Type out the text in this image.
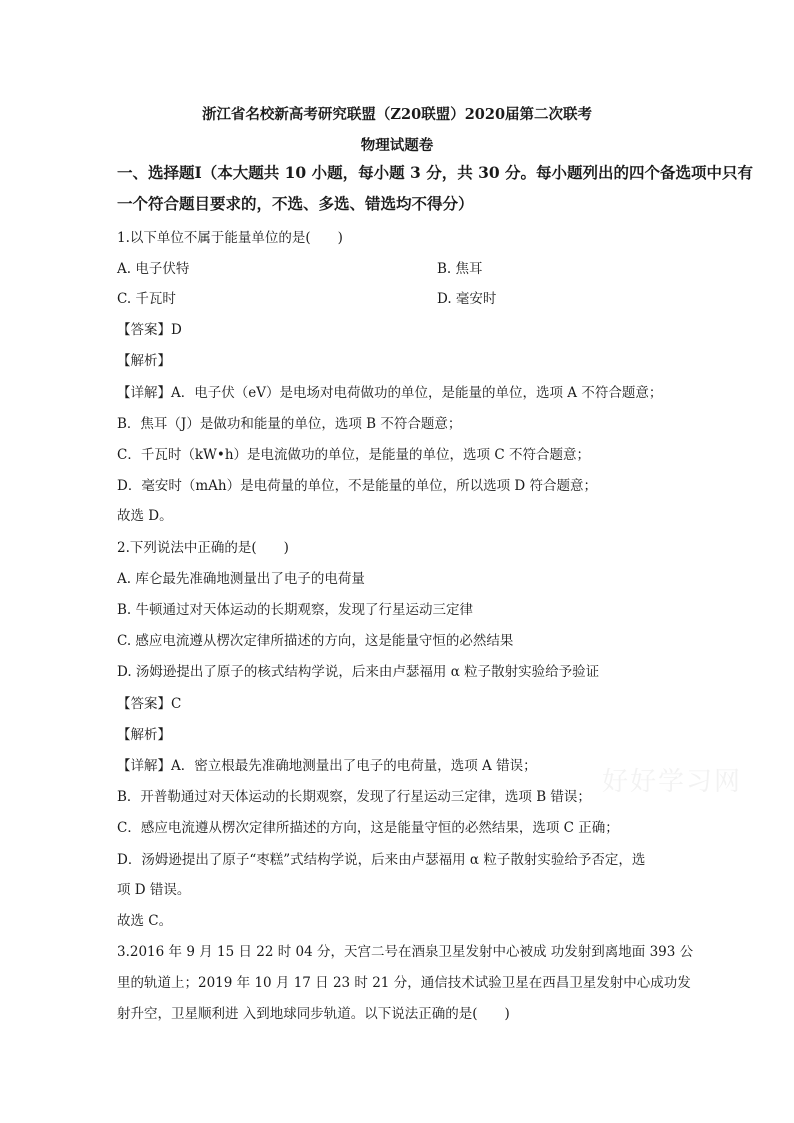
浙江省名校新高考研究联盟（Z20联盟）2020届第二次联考
物理试题卷
一、选择题Ⅰ（本大题共 10 小题，每小题 3 分，共 30 分。每小题列出的四个备选项中只有
一个符合题目要求的，不选、多选、错选均不得分）
1.以下单位不属于能量单位的是(　　)
A. 电子伏特	B. 焦耳
C. 千瓦时	D. 毫安时
【答案】D
【解析】
【详解】A．电子伏（eV）是电场对电荷做功的单位，是能量的单位，选项 A 不符合题意；
B．焦耳（J）是做功和能量的单位，选项 B 不符合题意；
C．千瓦时（kW•h）是电流做功的单位，是能量的单位，选项 C 不符合题意；
D．毫安时（mAh）是电荷量的单位，不是能量的单位，所以选项 D 符合题意；
故选 D。
2.下列说法中正确的是(　　)
A. 库仑最先准确地测量出了电子的电荷量
B. 牛顿通过对天体运动的长期观察，发现了行星运动三定律
C. 感应电流遵从楞次定律所描述的方向，这是能量守恒的必然结果
D. 汤姆逊提出了原子的核式结构学说，后来由卢瑟福用 α 粒子散射实验给予验证
【答案】C
【解析】
【详解】A．密立根最先准确地测量出了电子的电荷量，选项 A 错误；
B．开普勒通过对天体运动的长期观察，发现了行星运动三定律，选项 B 错误；
C．感应电流遵从楞次定律所描述的方向，这是能量守恒的必然结果，选项 C 正确；
D．汤姆逊提出了原子“枣糕”式结构学说，后来由卢瑟福用 α 粒子散射实验给予否定，选
项 D 错误。
故选 C。
3.2016 年 9 月 15 日 22 时 04 分，天宫二号在酒泉卫星发射中心被成 功发射到离地面 393 公
里的轨道上；2019 年 10 月 17 日 23 时 21 分，通信技术试验卫星在西昌卫星发射中心成功发
射升空，卫星顺利进 入到地球同步轨道。以下说法正确的是(　　)
好好学习网
